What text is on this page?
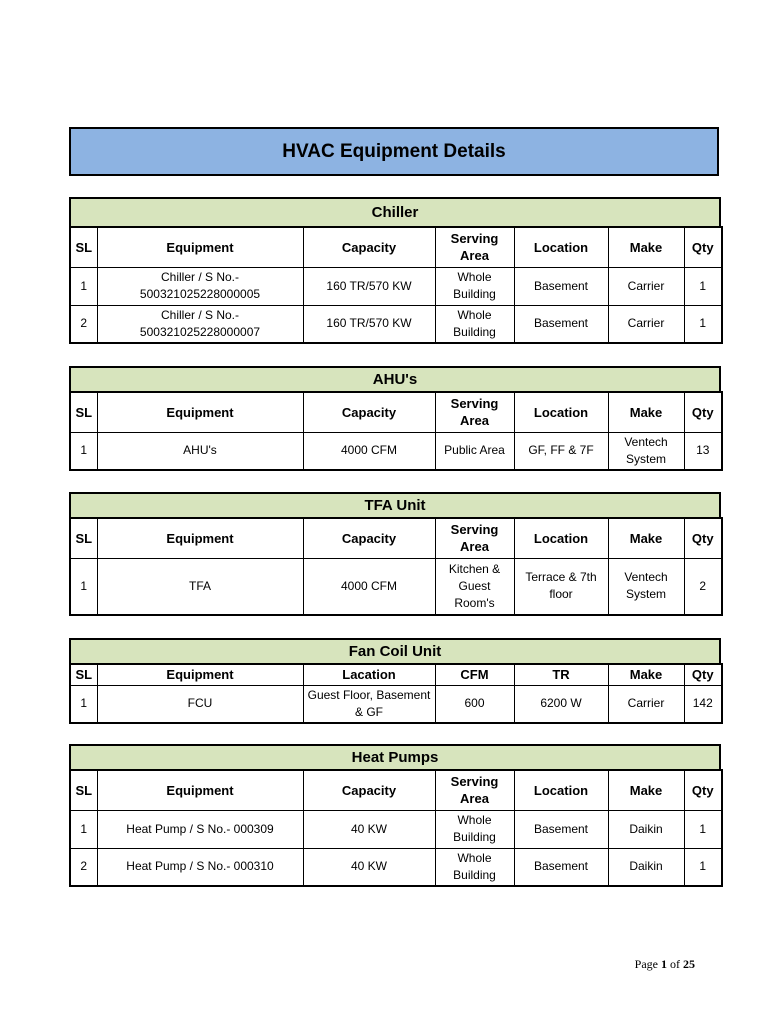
HVAC Equipment Details
Chiller
SL	Equipment	Capacity	Serving Area	Location	Make	Qty
1	Chiller / S No.- 500321025228000005	160 TR/570 KW	Whole Building	Basement	Carrier	1
2	Chiller / S No.- 500321025228000007	160 TR/570 KW	Whole Building	Basement	Carrier	1
AHU's
SL	Equipment	Capacity	Serving Area	Location	Make	Qty
1	AHU's	4000 CFM	Public Area	GF, FF & 7F	Ventech System	13
TFA Unit
SL	Equipment	Capacity	Serving Area	Location	Make	Qty
1	TFA	4000 CFM	Kitchen & Guest Room's	Terrace & 7th floor	Ventech System	2
Fan Coil Unit
SL	Equipment	Lacation	CFM	TR	Make	Qty
1	FCU	Guest Floor, Basement & GF	600	6200 W	Carrier	142
Heat Pumps
SL	Equipment	Capacity	Serving Area	Location	Make	Qty
1	Heat Pump / S No.- 000309	40 KW	Whole Building	Basement	Daikin	1
2	Heat Pump / S No.- 000310	40 KW	Whole Building	Basement	Daikin	1
Page 1 of 25
